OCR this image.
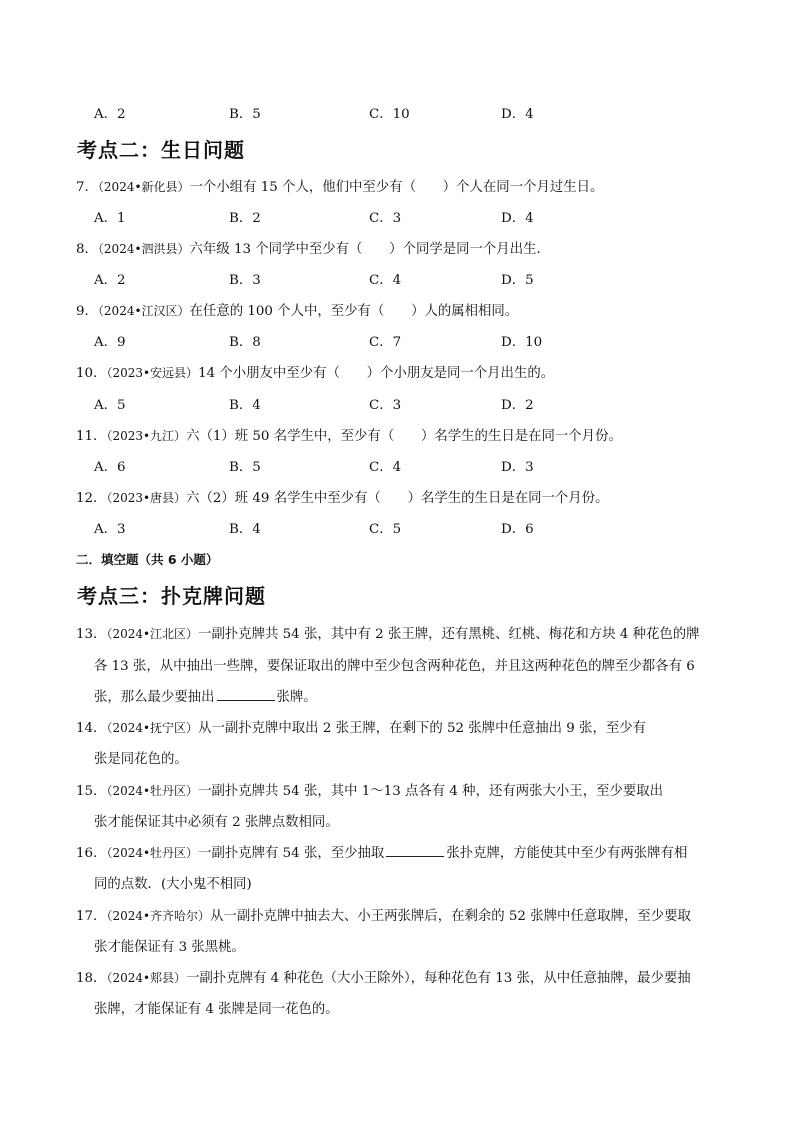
A．2	B．5	C．10	D．4
考点二：生日问题
7．（2024•新化县）一个小组有 15 个人，他们中至少有（　　）个人在同一个月过生日。
A．1	B．2	C．3	D．4
8．（2024•泗洪县）六年级 13 个同学中至少有（　　）个同学是同一个月出生．
A．2	B．3	C．4	D．5
9．（2024•江汉区）在任意的 100 个人中，至少有（　　）人的属相相同。
A．9	B．8	C．7	D．10
10．（2023•安远县）14 个小朋友中至少有（　　）个小朋友是同一个月出生的。
A．5	B．4	C．3	D．2
11．（2023•九江）六（1）班 50 名学生中，至少有（　　）名学生的生日是在同一个月份。
A．6	B．5	C．4	D．3
12．（2023•唐县）六（2）班 49 名学生中至少有（　　）名学生的生日是在同一个月份。
A．3	B．4	C．5	D．6
二．填空题（共 6 小题）
考点三：扑克牌问题
13．（2024•江北区）一副扑克牌共 54 张，其中有 2 张王牌，还有黑桃、红桃、梅花和方块 4 种花色的牌
各 13 张，从中抽出一些牌，要保证取出的牌中至少包含两种花色，并且这两种花色的牌至少都各有 6
张，那么最少要抽出	张牌。
14．（2024•抚宁区）从一副扑克牌中取出 2 张王牌，在剩下的 52 张牌中任意抽出 9 张，至少有
张是同花色的。
15．（2024•牡丹区）一副扑克牌共 54 张，其中 1～13 点各有 4 种，还有两张大小王，至少要取出
张才能保证其中必须有 2 张牌点数相同。
16．（2024•牡丹区）一副扑克牌有 54 张，至少抽取	张扑克牌，方能使其中至少有两张牌有相
同的点数．(大小鬼不相同)
17．（2024•齐齐哈尔）从一副扑克牌中抽去大、小王两张牌后，在剩余的 52 张牌中任意取牌，至少要取
张才能保证有 3 张黑桃。
18．（2024•郏县）一副扑克牌有 4 种花色（大小王除外），每种花色有 13 张，从中任意抽牌，最少要抽
张牌，才能保证有 4 张牌是同一花色的。
